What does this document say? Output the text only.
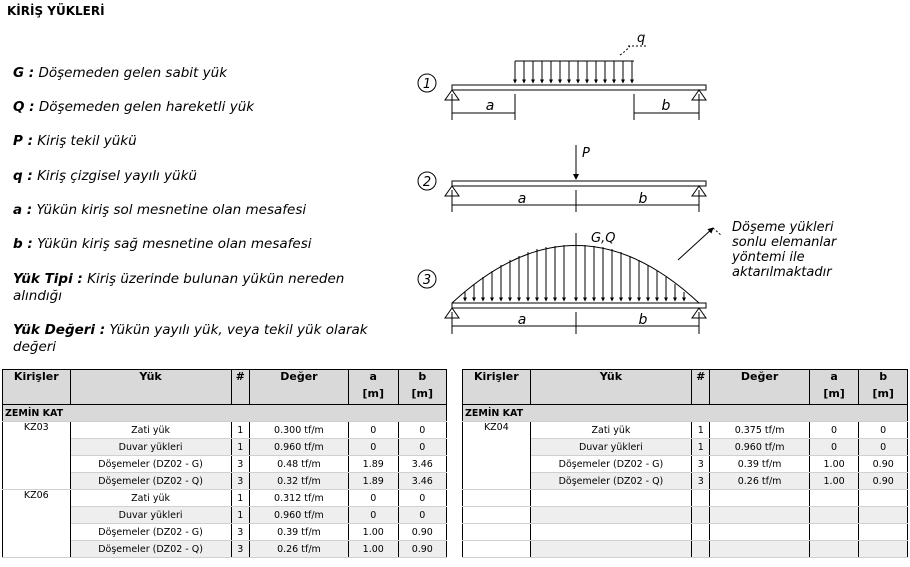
KİRİŞ YÜKLERİ
G : Döşemeden gelen sabit yük
Q : Döşemeden gelen hareketli yük
P : Kiriş tekil yükü
q : Kiriş çizgisel yayılı yükü
a : Yükün kiriş sol mesnetine olan mesafesi
b : Yükün kiriş sağ mesnetine olan mesafesi
Yük Tipi : Kiriş üzerinde bulunan yükün nereden alındığı
Yük Değeri : Yükün yayılı yük, veya tekil yük olarak değeri
1
q
a	b
2
P
a	b
3
G,Q
Döşeme yükleri
sonlu elemanlar
yöntemi ile
aktarılmaktadır
a	b
Kirişler	Yük	#	Değer	a	b
				[m]	[m]
ZEMİN KAT					
KZ03	Zati yük	1	0.300 tf/m	0	0
	Duvar yükleri	1	0.960 tf/m	0	0
	Döşemeler (DZ02 - G)	3	0.48 tf/m	1.89	3.46
	Döşemeler (DZ02 - Q)	3	0.32 tf/m	1.89	3.46
KZ06	Zati yük	1	0.312 tf/m	0	0
	Duvar yükleri	1	0.960 tf/m	0	0
	Döşemeler (DZ02 - G)	3	0.39 tf/m	1.00	0.90
	Döşemeler (DZ02 - Q)	3	0.26 tf/m	1.00	0.90
Kirişler	Yük	#	Değer	a	b
				[m]	[m]
ZEMİN KAT					
KZ04	Zati yük	1	0.375 tf/m	0	0
	Duvar yükleri	1	0.960 tf/m	0	0
	Döşemeler (DZ02 - G)	3	0.39 tf/m	1.00	0.90
	Döşemeler (DZ02 - Q)	3	0.26 tf/m	1.00	0.90
